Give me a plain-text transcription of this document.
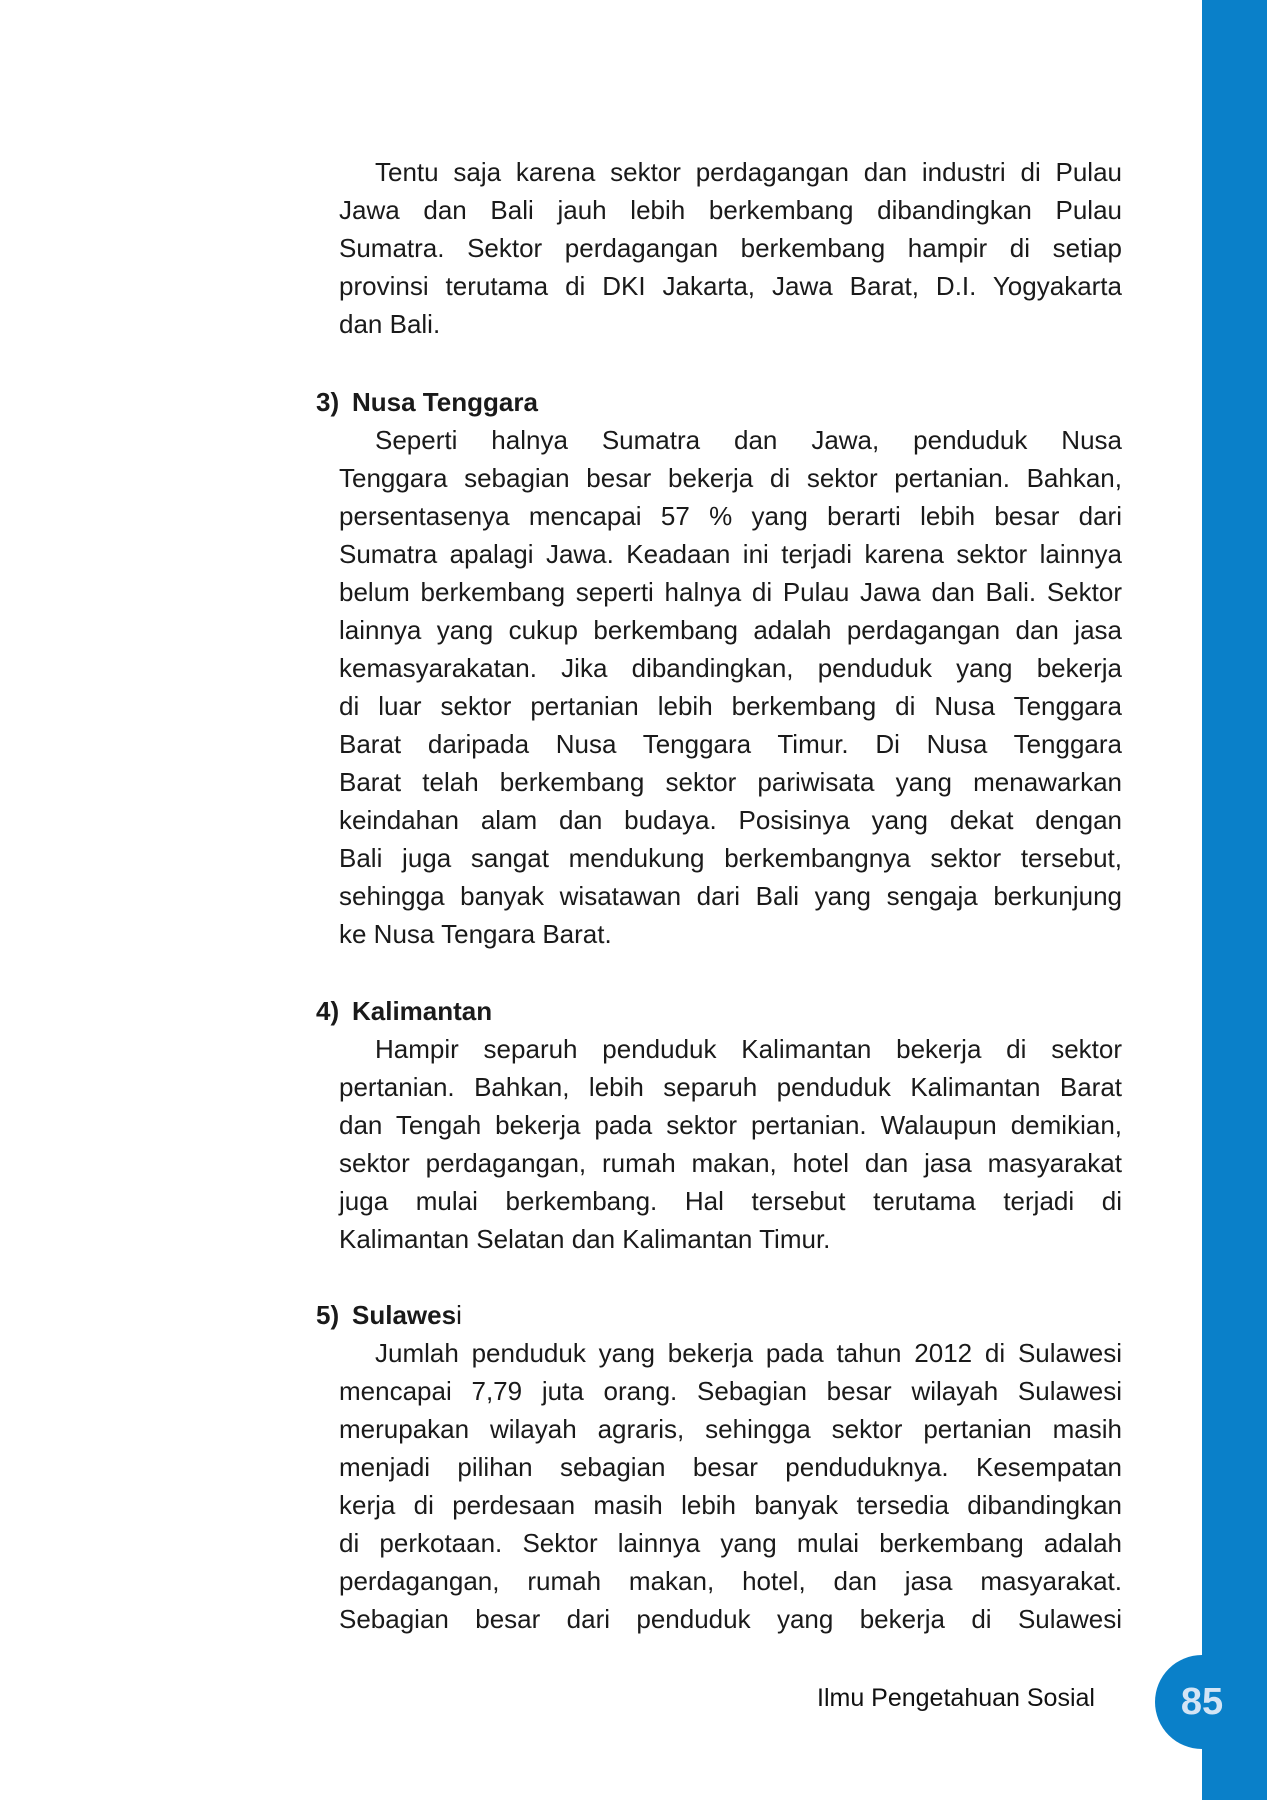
Tentu saja karena sektor perdagangan dan industri di Pulau
Jawa dan Bali jauh lebih berkembang dibandingkan Pulau
Sumatra. Sektor perdagangan berkembang hampir di setiap
provinsi terutama di DKI Jakarta, Jawa Barat, D.I. Yogyakarta
dan Bali.
3) Nusa Tenggara
Seperti halnya Sumatra dan Jawa, penduduk Nusa
Tenggara sebagian besar bekerja di sektor pertanian. Bahkan,
persentasenya mencapai 57 % yang berarti lebih besar dari
Sumatra apalagi Jawa. Keadaan ini terjadi karena sektor lainnya
belum berkembang seperti halnya di Pulau Jawa dan Bali. Sektor
lainnya yang cukup berkembang adalah perdagangan dan jasa
kemasyarakatan. Jika dibandingkan, penduduk yang bekerja
di luar sektor pertanian lebih berkembang di Nusa Tenggara
Barat daripada Nusa Tenggara Timur. Di Nusa Tenggara
Barat telah berkembang sektor pariwisata yang menawarkan
keindahan alam dan budaya. Posisinya yang dekat dengan
Bali juga sangat mendukung berkembangnya sektor tersebut,
sehingga banyak wisatawan dari Bali yang sengaja berkunjung
ke Nusa Tengara Barat.
4) Kalimantan
Hampir separuh penduduk Kalimantan bekerja di sektor
pertanian. Bahkan, lebih separuh penduduk Kalimantan Barat
dan Tengah bekerja pada sektor pertanian. Walaupun demikian,
sektor perdagangan, rumah makan, hotel dan jasa masyarakat
juga mulai berkembang. Hal tersebut terutama terjadi di
Kalimantan Selatan dan Kalimantan Timur.
5) Sulawesi
Jumlah penduduk yang bekerja pada tahun 2012 di Sulawesi
mencapai 7,79 juta orang. Sebagian besar wilayah Sulawesi
merupakan wilayah agraris, sehingga sektor pertanian masih
menjadi pilihan sebagian besar penduduknya. Kesempatan
kerja di perdesaan masih lebih banyak tersedia dibandingkan
di perkotaan. Sektor lainnya yang mulai berkembang adalah
perdagangan, rumah makan, hotel, dan jasa masyarakat.
Sebagian besar dari penduduk yang bekerja di Sulawesi
Ilmu Pengetahuan Sosial	85
